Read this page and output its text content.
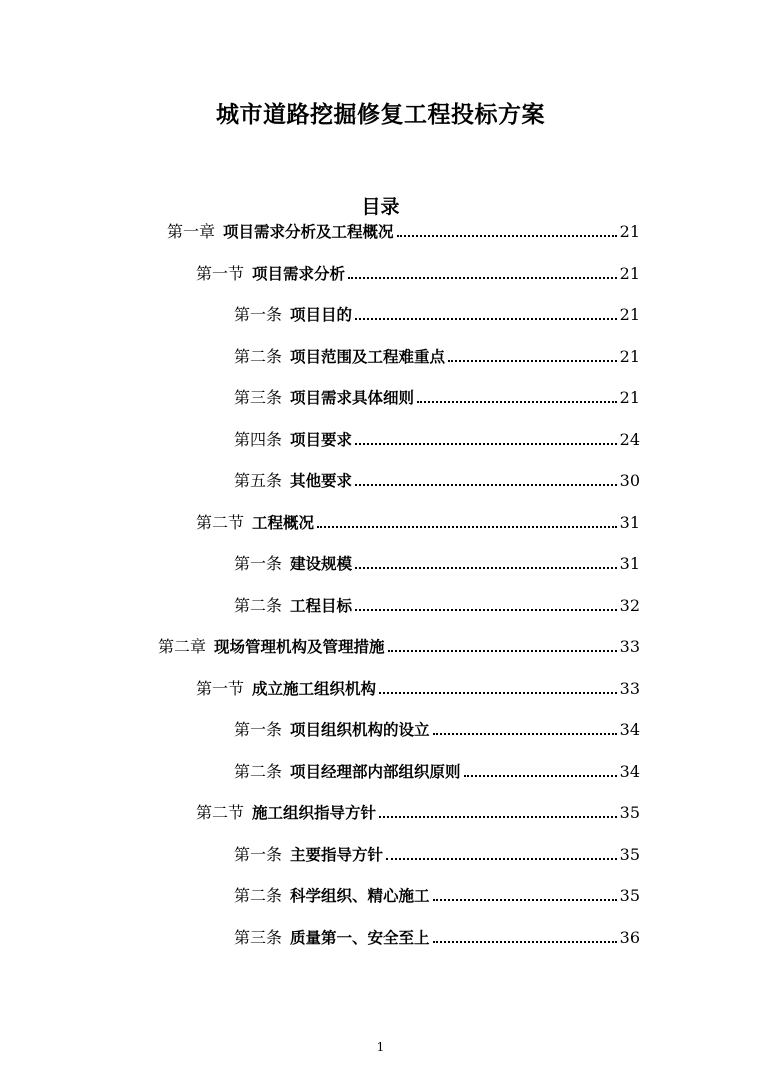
城市道路挖掘修复工程投标方案
目录
第一章 项目需求分析及工程概况	21
第一节 项目需求分析	21
第一条 项目目的	21
第二条 项目范围及工程难重点	21
第三条 项目需求具体细则	21
第四条 项目要求	24
第五条 其他要求	30
第二节 工程概况	31
第一条 建设规模	31
第二条 工程目标	32
第二章 现场管理机构及管理措施	33
第一节 成立施工组织机构	33
第一条 项目组织机构的设立	34
第二条 项目经理部内部组织原则	34
第二节 施工组织指导方针	35
第一条 主要指导方针	35
第二条 科学组织、精心施工	35
第三条 质量第一、安全至上	36
1
